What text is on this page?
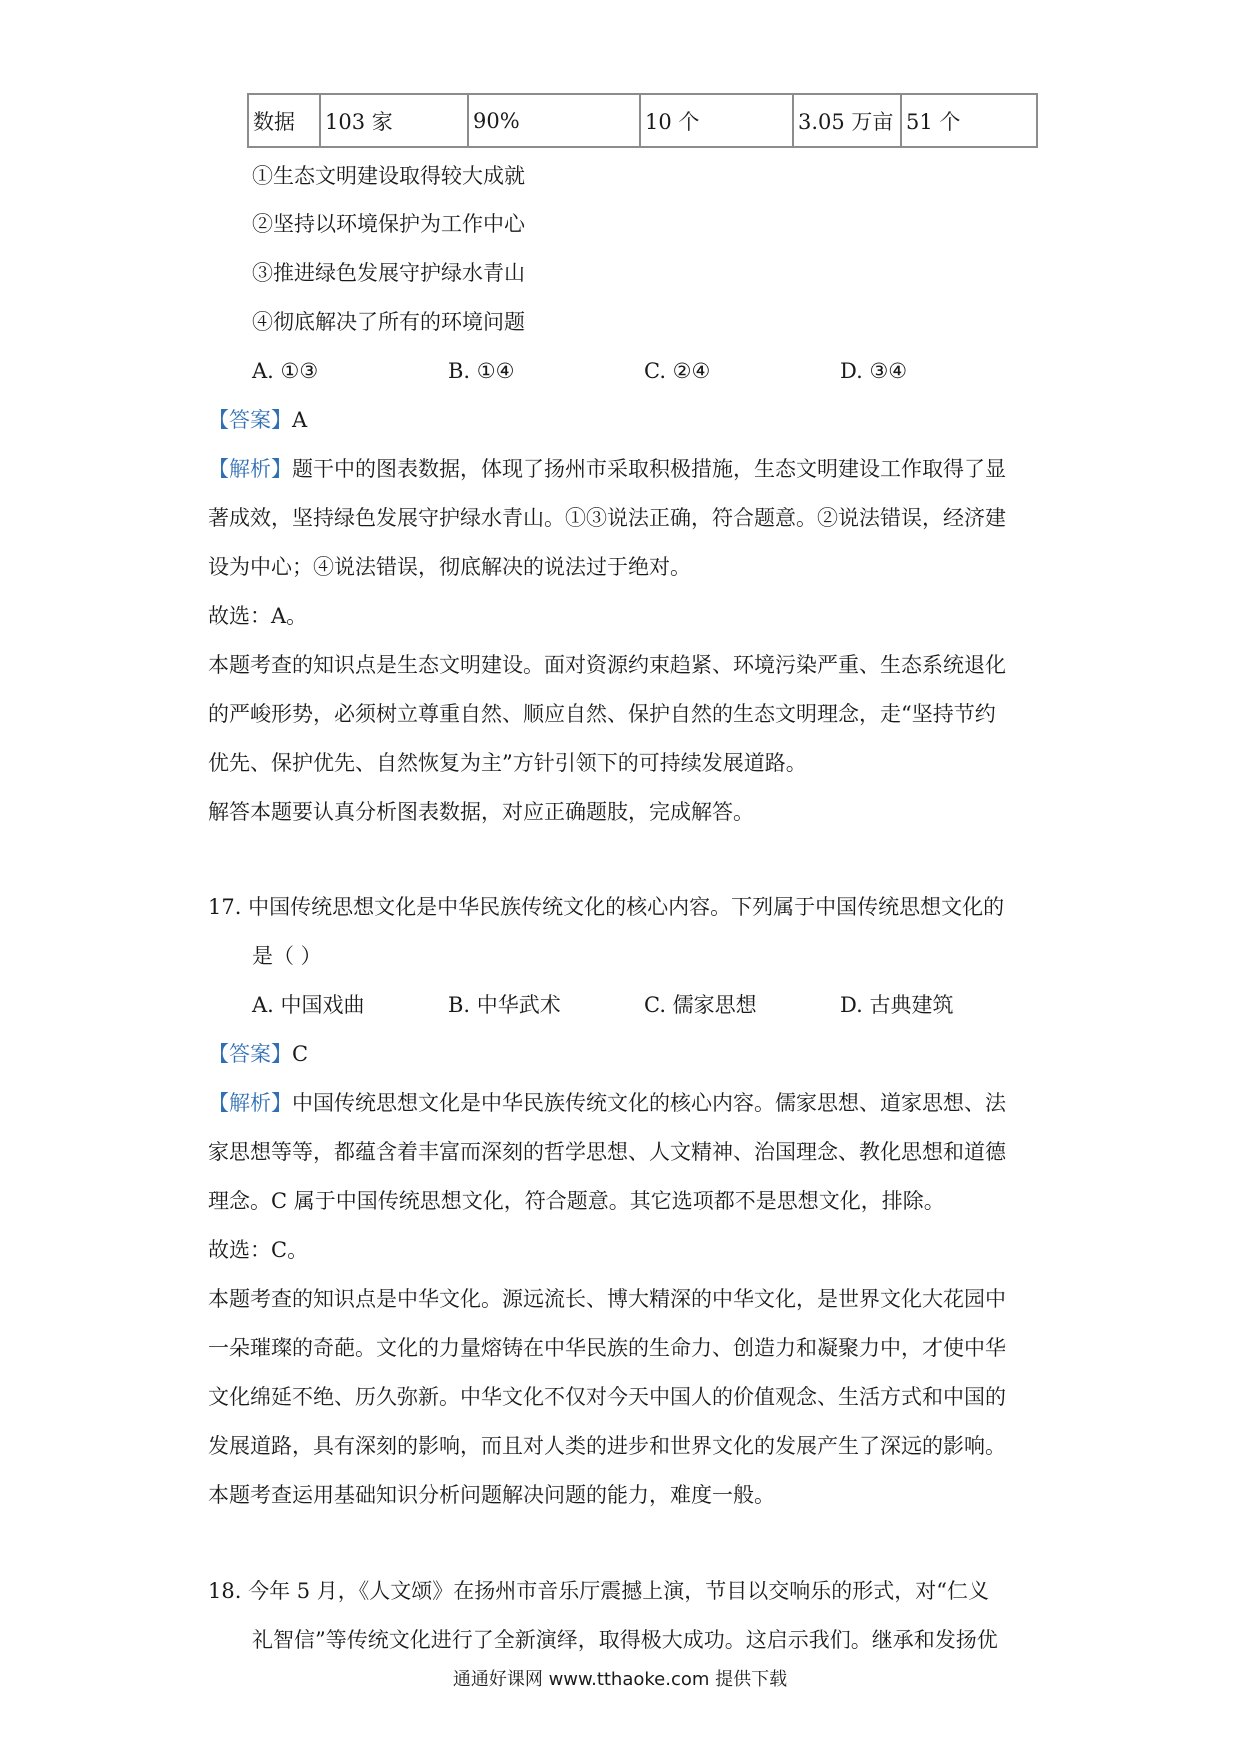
数据	103 家	90%	10 个	3.05 万亩	51 个
①生态文明建设取得较大成就
②坚持以环境保护为工作中心
③推进绿色发展守护绿水青山
④彻底解决了所有的环境问题
A. ①③	B. ①④	C. ②④	D. ③④
【答案】A
【解析】题干中的图表数据，体现了扬州市采取积极措施，生态文明建设工作取得了显
著成效，坚持绿色发展守护绿水青山。①③说法正确，符合题意。②说法错误，经济建
设为中心；④说法错误，彻底解决的说法过于绝对。
故选：A。
本题考查的知识点是生态文明建设。面对资源约束趋紧、环境污染严重、生态系统退化
的严峻形势，必须树立尊重自然、顺应自然、保护自然的生态文明理念，走“坚持节约
优先、保护优先、自然恢复为主”方针引领下的可持续发展道路。
解答本题要认真分析图表数据，对应正确题肢，完成解答。
17. 中国传统思想文化是中华民族传统文化的核心内容。下列属于中国传统思想文化的
是（ ）
A. 中国戏曲	B. 中华武术	C. 儒家思想	D. 古典建筑
【答案】C
【解析】中国传统思想文化是中华民族传统文化的核心内容。儒家思想、道家思想、法
家思想等等，都蕴含着丰富而深刻的哲学思想、人文精神、治国理念、教化思想和道德
理念。C 属于中国传统思想文化，符合题意。其它选项都不是思想文化，排除。
故选：C。
本题考查的知识点是中华文化。源远流长、博大精深的中华文化，是世界文化大花园中
一朵璀璨的奇葩。文化的力量熔铸在中华民族的生命力、创造力和凝聚力中，才使中华
文化绵延不绝、历久弥新。中华文化不仅对今天中国人的价值观念、生活方式和中国的
发展道路，具有深刻的影响，而且对人类的进步和世界文化的发展产生了深远的影响。
本题考查运用基础知识分析问题解决问题的能力，难度一般。
18. 今年 5 月，《人文颂》在扬州市音乐厅震撼上演，节目以交响乐的形式，对“仁义
礼智信”等传统文化进行了全新演绎，取得极大成功。这启示我们。继承和发扬优
通通好课网 www.tthaoke.com 提供下载
